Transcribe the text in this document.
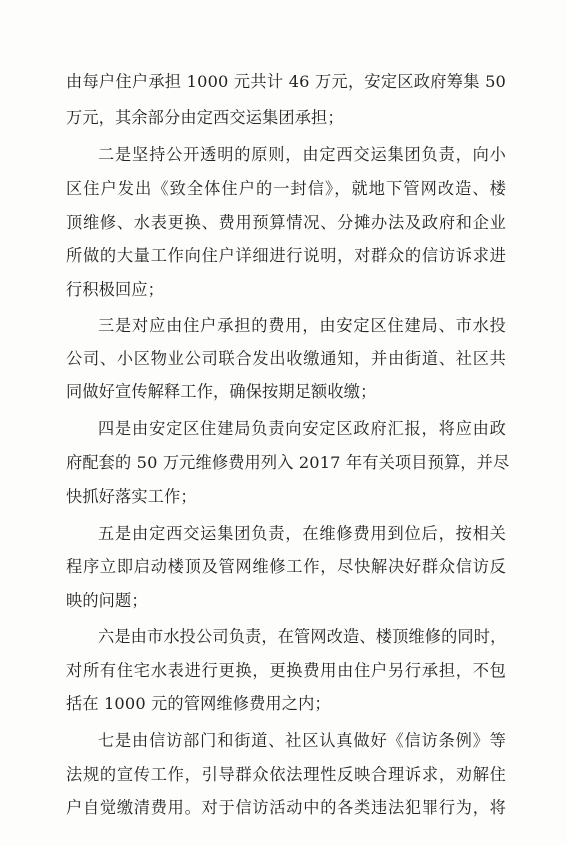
由每户住户承担 1000 元共计 46 万元，安定区政府筹集 50
万元，其余部分由定西交运集团承担；
二是坚持公开透明的原则，由定西交运集团负责，向小
区住户发出《致全体住户的一封信》，就地下管网改造、楼
顶维修、水表更换、费用预算情况、分摊办法及政府和企业
所做的大量工作向住户详细进行说明，对群众的信访诉求进
行积极回应；
三是对应由住户承担的费用，由安定区住建局、市水投
公司、小区物业公司联合发出收缴通知，并由街道、社区共
同做好宣传解释工作，确保按期足额收缴；
四是由安定区住建局负责向安定区政府汇报，将应由政
府配套的 50 万元维修费用列入 2017 年有关项目预算，并尽
快抓好落实工作；
五是由定西交运集团负责，在维修费用到位后，按相关
程序立即启动楼顶及管网维修工作，尽快解决好群众信访反
映的问题；
六是由市水投公司负责，在管网改造、楼顶维修的同时，
对所有住宅水表进行更换，更换费用由住户另行承担，不包
括在 1000 元的管网维修费用之内；
七是由信访部门和街道、社区认真做好《信访条例》等
法规的宣传工作，引导群众依法理性反映合理诉求，劝解住
户自觉缴清费用。对于信访活动中的各类违法犯罪行为，将
